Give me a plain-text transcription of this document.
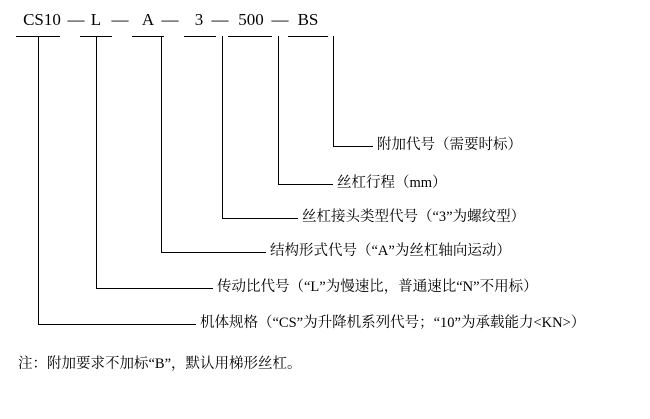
CS10	L	A	3	500	BS
— — — —	—
附加代号（需要时标）
丝杠行程（mm）
丝杠接头类型代号（“3”为螺纹型）
结构形式代号（“A”为丝杠轴向运动）
传动比代号（“L”为慢速比，普通速比“N”不用标）
机体规格（“CS”为升降机系列代号；“10”为承载能力<KN>）
注：附加要求不加标“B”，默认用梯形丝杠。
